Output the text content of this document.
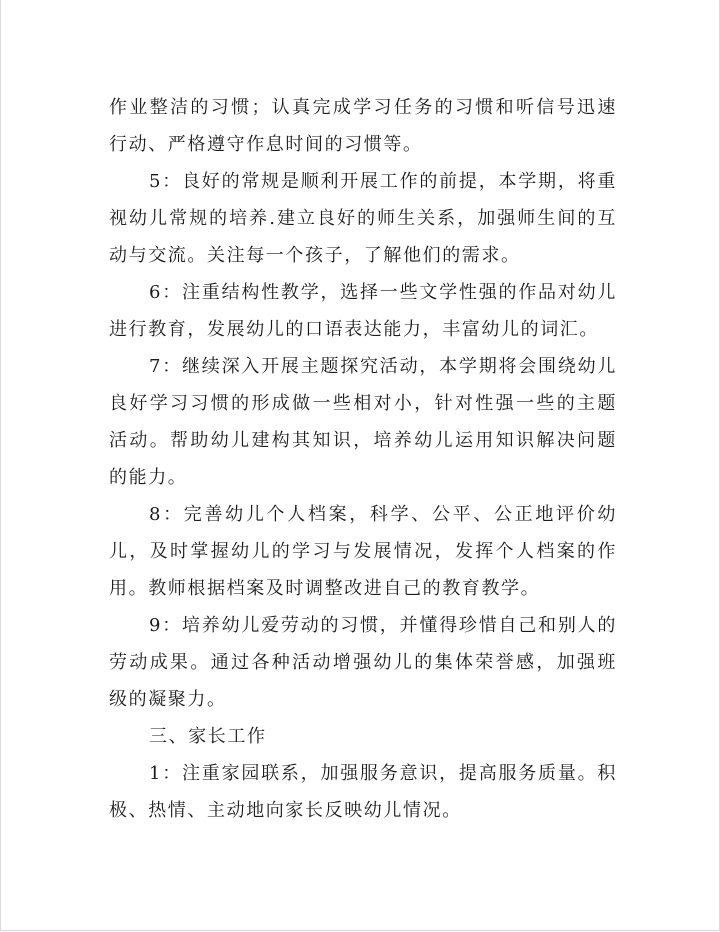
作业整洁的习惯；认真完成学习任务的习惯和听信号迅速行动、严格遵守作息时间的习惯等。

5：良好的常规是顺利开展工作的前提，本学期，将重视幼儿常规的培养.建立良好的师生关系，加强师生间的互动与交流。关注每一个孩子，了解他们的需求。

6：注重结构性教学，选择一些文学性强的作品对幼儿进行教育，发展幼儿的口语表达能力，丰富幼儿的词汇。

7：继续深入开展主题探究活动，本学期将会围绕幼儿良好学习习惯的形成做一些相对小，针对性强一些的主题活动。帮助幼儿建构其知识，培养幼儿运用知识解决问题的能力。

8：完善幼儿个人档案，科学、公平、公正地评价幼儿，及时掌握幼儿的学习与发展情况，发挥个人档案的作用。教师根据档案及时调整改进自己的教育教学。

9：培养幼儿爱劳动的习惯，并懂得珍惜自己和别人的劳动成果。通过各种活动增强幼儿的集体荣誉感，加强班级的凝聚力。

三、家长工作

1：注重家园联系，加强服务意识，提高服务质量。积极、热情、主动地向家长反映幼儿情况。
